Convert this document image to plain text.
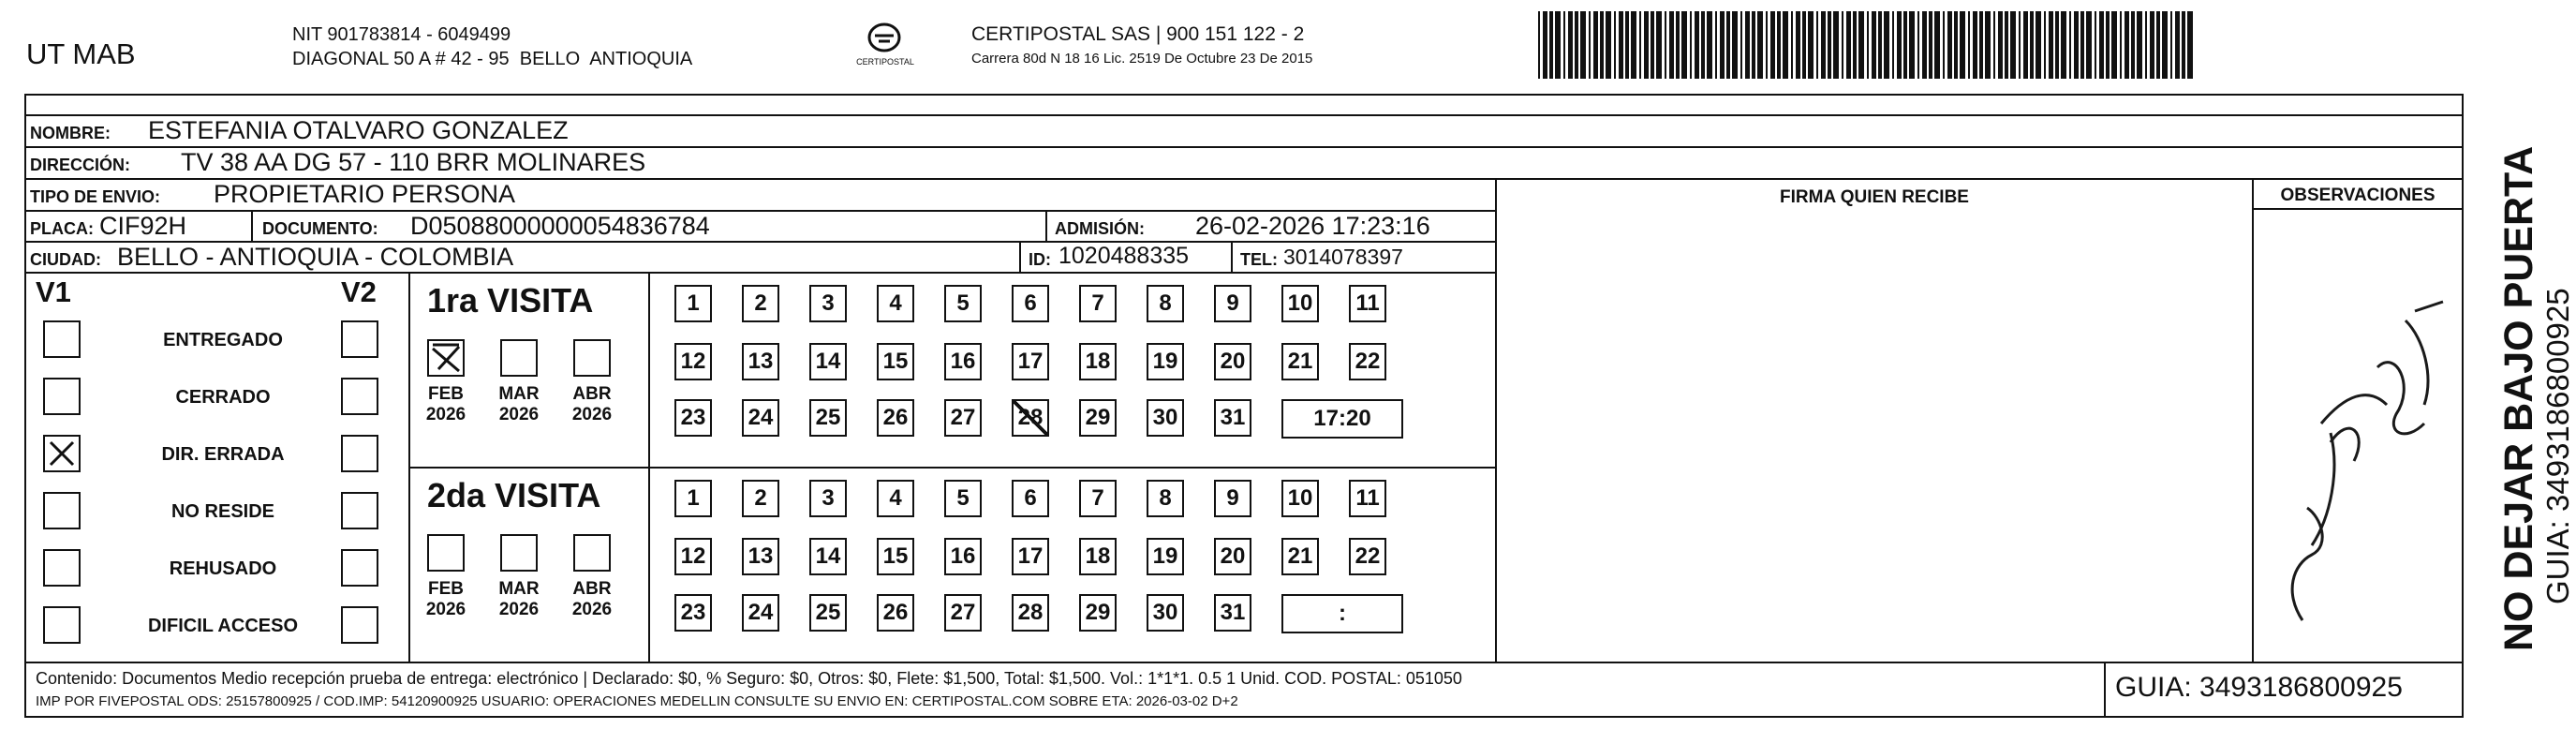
UT MAB
NIT 901783814 - 6049499
DIAGONAL 50 A # 42 - 95  BELLO  ANTIOQUIA	CERTIPOSTAL
CERTIPOSTAL SAS | 900 151 122 - 2
Carrera 80d N 18 16 Lic. 2519 De Octubre 23 De 2015
NOMBRE: ESTEFANIA OTALVARO GONZALEZ
DIRECCIÓN: TV 38 AA DG 57 - 110 BRR MOLINARES
TIPO DE ENVIO: PROPIETARIO PERSONA
PLACA: CIF92H	DOCUMENTO: D050880000000548367​84	ADMISIÓN: 26-02-2026 17:23:16
CIUDAD: BELLO - ANTIOQUIA - COLOMBIA	ID: 1020488335	TEL: 3014078397
FIRMA QUIEN RECIBE	OBSERVACIONES
V1	V2
ENTREGADO
CERRADO
DIR. ERRADA
NO RESIDE
REHUSADO
DIFICIL ACCESO
1ra VISITA
2da VISITA
FEB
2026
MAR
2026
ABR
2026
1	2	3	4	5	6	7	8	9	10	11
12 13 14 15 16 17 18 19 20 21 22
23 24 25 26 27 28 29 30 31	17:20
FEB
2026
MAR
2026
ABR
2026
1	2	3	4	5	6	7	8	9	10	11
12 13 14 15 16 17 18 19 20 21 22
23 24 25 26 27 28 29 30 31	:	NO DEJAR BAJO PUERTA GUIA: 3493186800925
Contenido: Documentos Medio recepción prueba de entrega: electrónico | Declarado: $0, % Seguro: $0, Otros: $0, Flete: $1,500, Total: $1,500. Vol.: 1*1*1. 0.5 1 Unid. COD. POSTAL: 051050
IMP POR FIVEPOSTAL ODS: 25157800925 / COD.IMP: 54120900925 USUARIO: OPERACIONES MEDELLIN CONSULTE SU ENVIO EN: CERTIPOSTAL.COM SOBRE ETA: 2026-03-02 D+2	GUIA: 3493186800925
